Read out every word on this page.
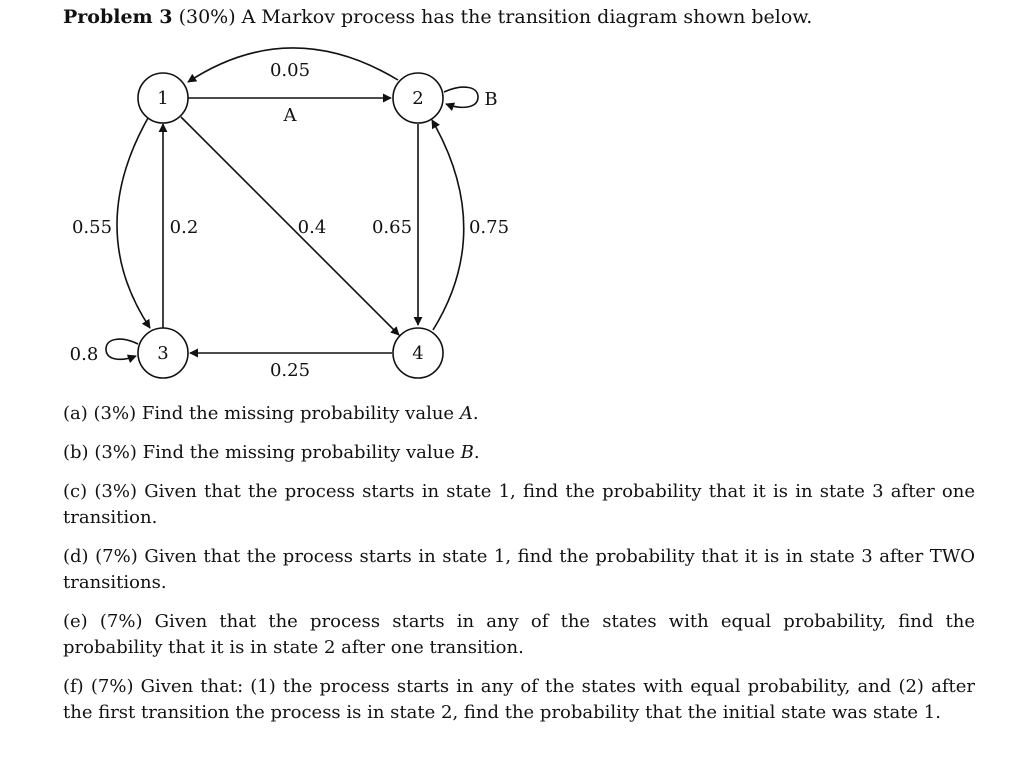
Problem 3 (30%) A Markov process has the transition diagram shown below.
1	2
3	4
0.05
A
B
0.55	0.2	0.4	0.65	0.75
0.25
0.8

(a) (3%) Find the missing probability value A.

(b) (3%) Find the missing probability value B.

(c) (3%) Given that the process starts in state 1, find the probability that it is in state 3 after one transition.

(d) (7%) Given that the process starts in state 1, find the probability that it is in state 3 after TWO transitions.

(e) (7%) Given that the process starts in any of the states with equal probability, find the probability that it is in state 2 after one transition.

(f) (7%) Given that: (1) the process starts in any of the states with equal probability, and (2) after the first transition the process is in state 2, find the probability that the initial state was state 1.
